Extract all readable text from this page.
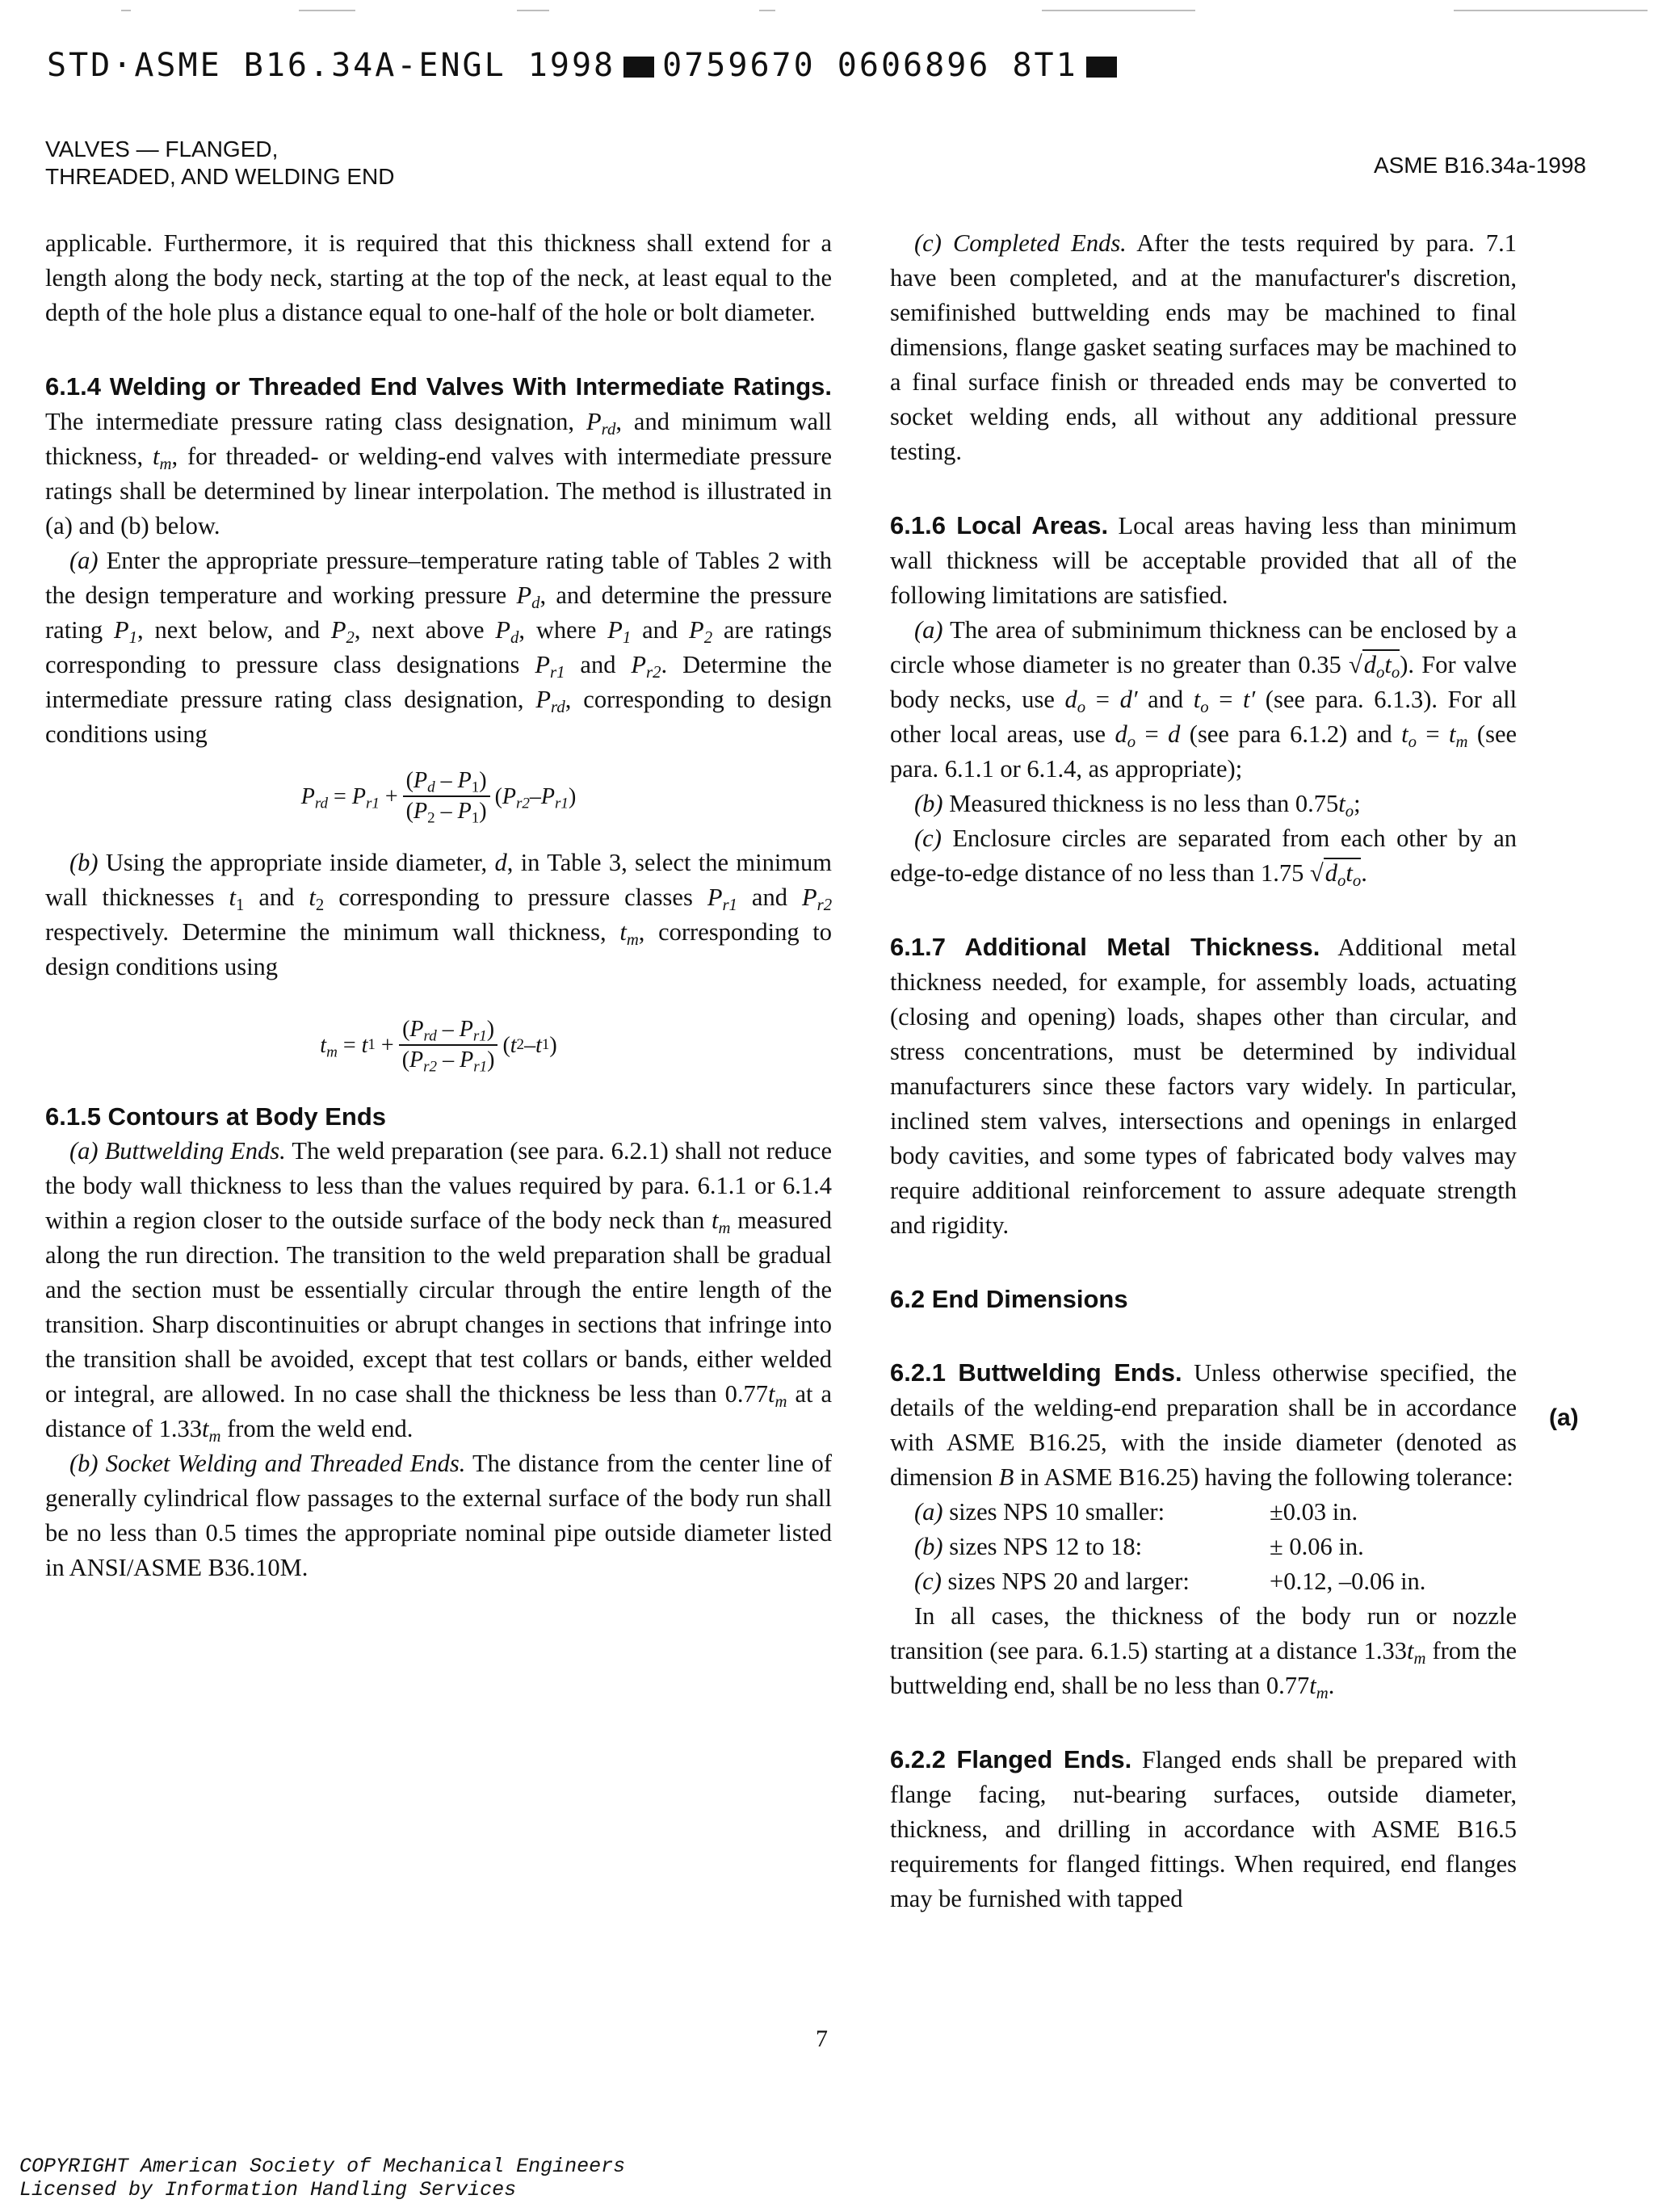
STD·ASME B16.34A-ENGL 1998 0759670 0606896 8T1
VALVES — FLANGED,
THREADED, AND WELDING END	ASME B16.34a-1998

applicable. Furthermore, it is required that this thickness shall extend for a length along the body neck, starting at the top of the neck, at least equal to the depth of the hole plus a distance equal to one-half of the hole or bolt diameter.

6.1.4 Welding or Threaded End Valves With Intermediate Ratings. The intermediate pressure rating class designation, $P_{rd}$, and minimum wall thickness, $t_m$, for threaded- or welding-end valves with intermediate pressure ratings shall be determined by linear interpolation. The method is illustrated in (a) and (b) below.

(a) Enter the appropriate pressure–temperature rating table of Tables 2 with the design temperature and working pressure $P_d$, and determine the pressure rating $P_1$, next below, and $P_2$, next above $P_d$, where $P_1$ and $P_2$ are ratings corresponding to pressure class designations $P_{r1}$ and $P_{r2}$. Determine the intermediate pressure rating class designation, $P_{rd}$, corresponding to design conditions using

$P_{rd} = P_{r1} + \frac{(P_d - P_1)}{(P_2 - P_1)}$ ( $P_{r2} - P_{r1}$ )

(b) Using the appropriate inside diameter, d, in Table 3, select the minimum wall thicknesses $t_1$ and $t_2$ corresponding to pressure classes $P_{r1}$ and $P_{r2}$ respectively. Determine the minimum wall thickness, $t_m$, corresponding to design conditions using

$t_m = t$ $1 + \frac{(P_{rd} - P_{r1})}{(P_{r2} - P_{r1})}$ ( t 2 – t 1 )

6.1.5 Contours at Body Ends

(a) Buttwelding Ends. The weld preparation (see para. 6.2.1) shall not reduce the body wall thickness to less than the values required by para. 6.1.1 or 6.1.4 within a region closer to the outside surface of the body neck than $t_m$ measured along the run direction. The transition to the weld preparation shall be gradual and the section must be essentially circular through the entire length of the transition. Sharp discontinuities or abrupt changes in sections that infringe into the transition shall be avoided, except that test collars or bands, either welded or integral, are allowed. In no case shall the thickness be less than $0.77t_m$ at a distance of $1.33t_m$ from the weld end.

(b) Socket Welding and Threaded Ends. The distance from the center line of generally cylindrical flow passages to the external surface of the body run shall be no less than 0.5 times the appropriate nominal pipe outside diameter listed in ANSI/ASME B36.10M.

(c) Completed Ends. After the tests required by para. 7.1 have been completed, and at the manufacturer's discretion, semifinished buttwelding ends may be machined to final dimensions, flange gasket seating surfaces may be machined to a final surface finish or threaded ends may be converted to socket welding ends, all without any additional pressure testing.

6.1.6 Local Areas. Local areas having less than minimum wall thickness will be acceptable provided that all of the following limitations are satisfied.

(a) The area of subminimum thickness can be enclosed by a circle whose diameter is no greater than 0.35 $√d_ot_o$). For valve body necks, use $d_o = d'$ and $t_o = t'$ (see para. 6.1.3). For all other local areas, use $d_o = d$ (see para 6.1.2) and $t_o = t_m$ (see para. 6.1.1 or 6.1.4, as appropriate);

(b) Measured thickness is no less than $0.75t_o$;

(c) Enclosure circles are separated from each other by an edge-to-edge distance of no less than 1.75 $√d_ot_o$.

6.1.7 Additional Metal Thickness. Additional metal thickness needed, for example, for assembly loads, actuating (closing and opening) loads, shapes other than circular, and stress concentrations, must be determined by individual manufacturers since these factors vary widely. In particular, inclined stem valves, intersections and openings in enlarged body cavities, and some types of fabricated body valves may require additional reinforcement to assure adequate strength and rigidity.

6.2 End Dimensions

6.2.1 Buttwelding Ends. Unless otherwise specified, the details of the welding-end preparation shall be in accordance with ASME B16.25, with the inside diameter (denoted as dimension B in ASME B16.25) having the following tolerance:

(a) sizes NPS 10 smaller:	±0.03 in.
(b) sizes NPS 12 to 18:	± 0.06 in.
(c) sizes NPS 20 and larger:	+0.12, –0.06 in.

In all cases, the thickness of the body run or nozzle transition (see para. 6.1.5) starting at a distance $1.33t_m$ from the buttwelding end, shall be no less than $0.77t_m$.

6.2.2 Flanged Ends. Flanged ends shall be prepared with flange facing, nut-bearing surfaces, outside diameter, thickness, and drilling in accordance with ASME B16.5 requirements for flanged fittings. When required, end flanges may be furnished with tapped

(a)
7
COPYRIGHT American Society of Mechanical Engineers
Licensed by Information Handling Services
